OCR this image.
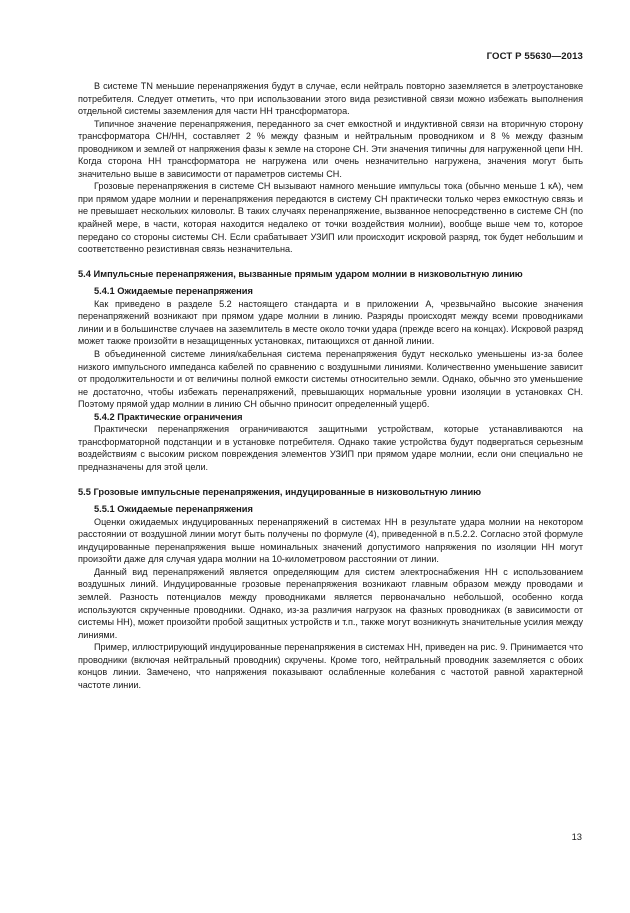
ГОСТ Р 55630—2013

В системе TN меньшие перенапряжения будут в случае, если нейтраль повторно заземляется в элетроустановке потребителя. Следует отметить, что при использовании этого вида резистивной связи можно избежать выполнения отдельной системы заземления для части НН трансформатора.

Типичное значение перенапряжения, переданного за счет емкостной и индуктивной связи на вторичную сторону трансформатора СН/НН, составляет 2 % между фазным и нейтральным проводником и 8 % между фазным проводником и землей от напряжения фазы к земле на стороне СН. Эти значения типичны для нагруженной цепи НН. Когда сторона НН трансформатора не нагружена или очень незначительно нагружена, значения могут быть значительно выше в зависимости от параметров системы СН.

Грозовые перенапряжения в системе СН вызывают намного меньшие импульсы тока (обычно меньше 1 кА), чем при прямом ударе молнии и перенапряжения передаются в систему СН практически только через емкостную связь и не превышает нескольких киловольт. В таких случаях перенапряжение, вызванное непосредственно в системе СН (по крайней мере, в части, которая находится недалеко от точки воздействия молнии), вообще выше чем то, которое передано со стороны системы СН. Если срабатывает УЗИП или происходит искровой разряд, ток будет небольшим и соответственно резистивная связь незначительна.

5.4 Импульсные перенапряжения, вызванные прямым ударом молнии в низковольтную линию
5.4.1 Ожидаемые перенапряжения

Как приведено в разделе 5.2 настоящего стандарта и в приложении А, чрезвычайно высокие значения перенапряжений возникают при прямом ударе молнии в линию. Разряды происходят между всеми проводниками линии и в большинстве случаев на заземлитель в месте около точки удара (прежде всего на концах). Искровой разряд может также произойти в незащищенных установках, питающихся от данной линии.

В объединенной системе линия/кабельная система перенапряжения будут несколько уменьшены из-за более низкого импульсного импеданса кабелей по сравнению с воздушными линиями. Количественно уменьшение зависит от продолжительности и от величины полной емкости системы относительно земли. Однако, обычно это уменьшение не достаточно, чтобы избежать перенапряжений, превышающих нормальные уровни изоляции в установках СН. Поэтому прямой удар молнии в линию СН обычно приносит определенный ущерб.

5.4.2 Практические ограничения

Практически перенапряжения ограничиваются защитными устройствам, которые устанавливаются на трансформаторной подстанции и в установке потребителя. Однако такие устройства будут подвергаться серьезным воздействиям с высоким риском повреждения элементов УЗИП при прямом ударе молнии, если они специально не предназначены для этой цели.

5.5 Грозовые импульсные перенапряжения, индуцированные в низковольтную линию
5.5.1 Ожидаемые перенапряжения

Оценки ожидаемых индуцированных перенапряжений в системах НН в результате удара молнии на некотором расстоянии от воздушной линии могут быть получены по формуле (4), приведенной в п.5.2.2. Согласно этой формуле индуцированные перенапряжения выше номинальных значений допустимого напряжения по изоляции НН могут произойти даже для случая удара молнии на 10-километровом расстоянии от линии.

Данный вид перенапряжений является определяющим для систем электроснабжения НН с использованием воздушных линий. Индуцированные грозовые перенапряжения возникают главным образом между проводами и землей. Разность потенциалов между проводниками является первоначально небольшой, особенно когда используются скрученные проводники. Однако, из-за различия нагрузок на фазных проводниках (в зависимости от системы НН), может произойти пробой защитных устройств и т.п., также могут возникнуть значительные усилия между линиями.

Пример, иллюстрирующий индуцированные перенапряжения в системах НН, приведен на рис. 9. Принимается что проводники (включая нейтральный проводник) скручены. Кроме того, нейтральный проводник заземляется с обоих концов линии. Замечено, что напряжения показывают ослабленные колебания с частотой равной характерной частоте линии.

13
